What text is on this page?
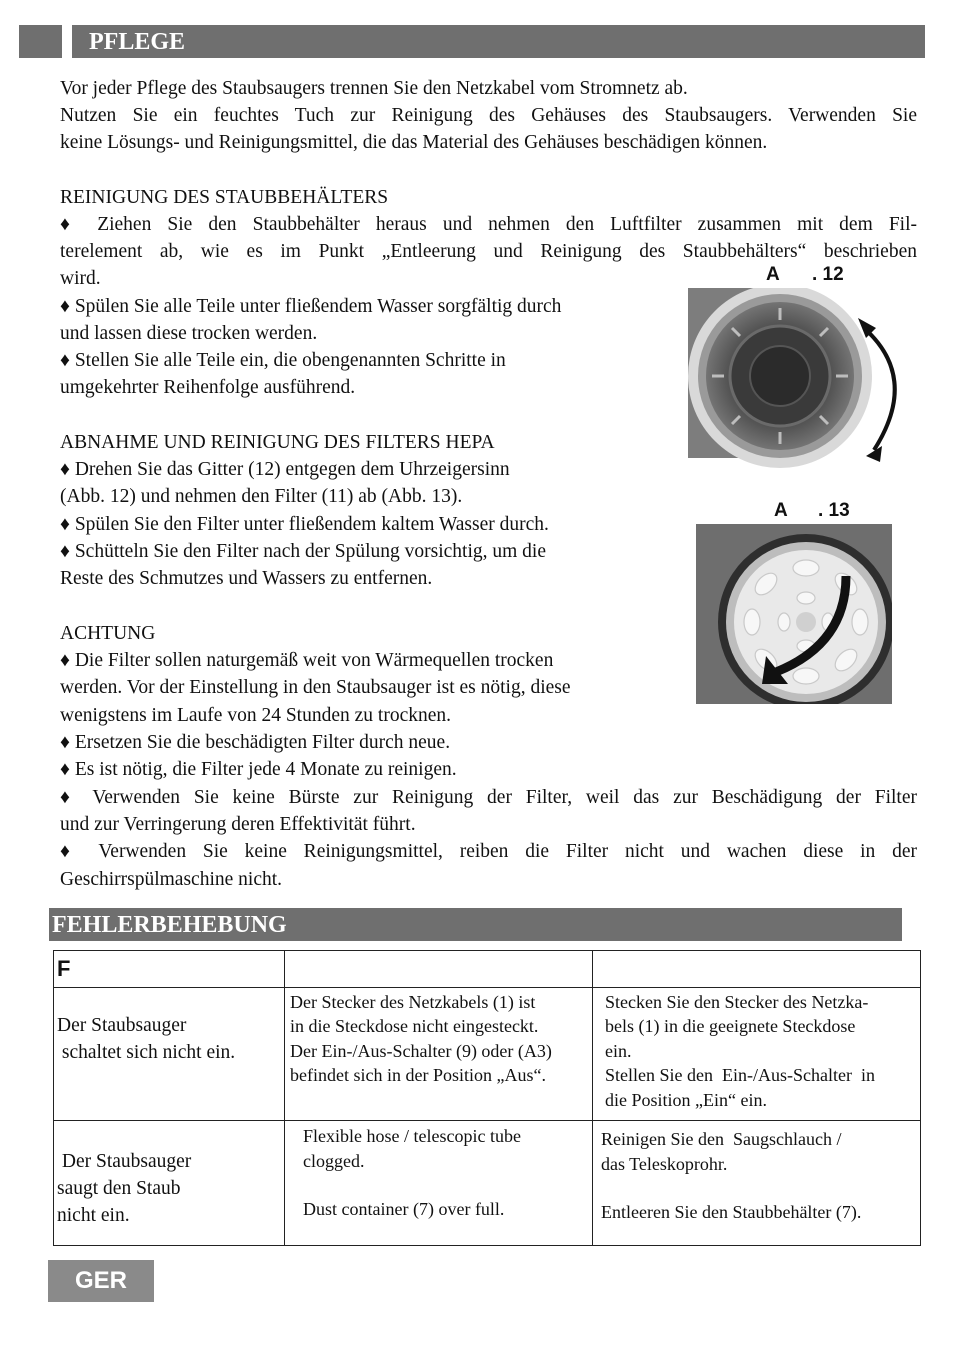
PFLEGE
Vor jeder Pflege des Staubsaugers trennen Sie den Netzkabel vom Stromnetz ab.
Nutzen Sie ein feuchtes Tuch zur Reinigung des Gehäuses des Staubsaugers. Verwenden Sie
keine Lösungs- und Reinigungsmittel, die das Material des Gehäuses beschädigen können.
REINIGUNG DES STAUBBEHÄLTERS
♦ Ziehen Sie den Staubbehälter heraus und nehmen den Luftfilter zusammen mit dem Fil-
terelement ab, wie es im Punkt „Entleerung und Reinigung des Staubbehälters“ beschrieben
wird.
♦ Spülen Sie alle Teile unter fließendem Wasser sorgfältig durch
und lassen diese trocken werden.
♦ Stellen Sie alle Teile ein, die obengenannten Schritte in
umgekehrter Reihenfolge ausführend.
ABNAHME UND REINIGUNG DES FILTERS HEPA
♦ Drehen Sie das Gitter (12) entgegen dem Uhrzeigersinn
(Abb. 12) und nehmen den Filter (11) ab (Abb. 13).
♦ Spülen Sie den Filter unter fließendem kaltem Wasser durch.
♦ Schütteln Sie den Filter nach der Spülung vorsichtig, um die
Reste des Schmutzes und Wassers zu entfernen.
ACHTUNG
♦ Die Filter sollen naturgemäß weit von Wärmequellen trocken
werden. Vor der Einstellung in den Staubsauger ist es nötig, diese
wenigstens im Laufe von 24 Stunden zu trocknen.
♦ Ersetzen Sie die beschädigten Filter durch neue.
♦ Es ist nötig, die Filter jede 4 Monate zu reinigen.
♦ Verwenden Sie keine Bürste zur Reinigung der Filter, weil das zur Beschädigung der Filter
und zur Verringerung deren Effektivität führt.
♦ Verwenden Sie keine Reinigungsmittel, reiben die Filter nicht und wachen diese in der
Geschirrspülmaschine nicht.
A . 12
A . 13
FEHLERBEHEBUNG
F
Der Staubsauger
schaltet sich nicht ein.
Der Stecker des Netzkabels (1) ist
in die Steckdose nicht eingesteckt.
Der Ein-/Aus-Schalter (9) oder (A3)
befindet sich in der Position „Aus“.
Stecken Sie den Stecker des Netzka-
bels (1) in die geeignete Steckdose
ein.
Stellen Sie den  Ein-/Aus-Schalter  in
die Position „Ein“ ein.
Der Staubsauger
saugt den Staub
nicht ein.
Flexible hose / telescopic tube
clogged.
Dust container (7) over full.
Reinigen Sie den  Saugschlauch /
das Teleskoprohr.
Entleeren Sie den Staubbehälter (7).
GER
